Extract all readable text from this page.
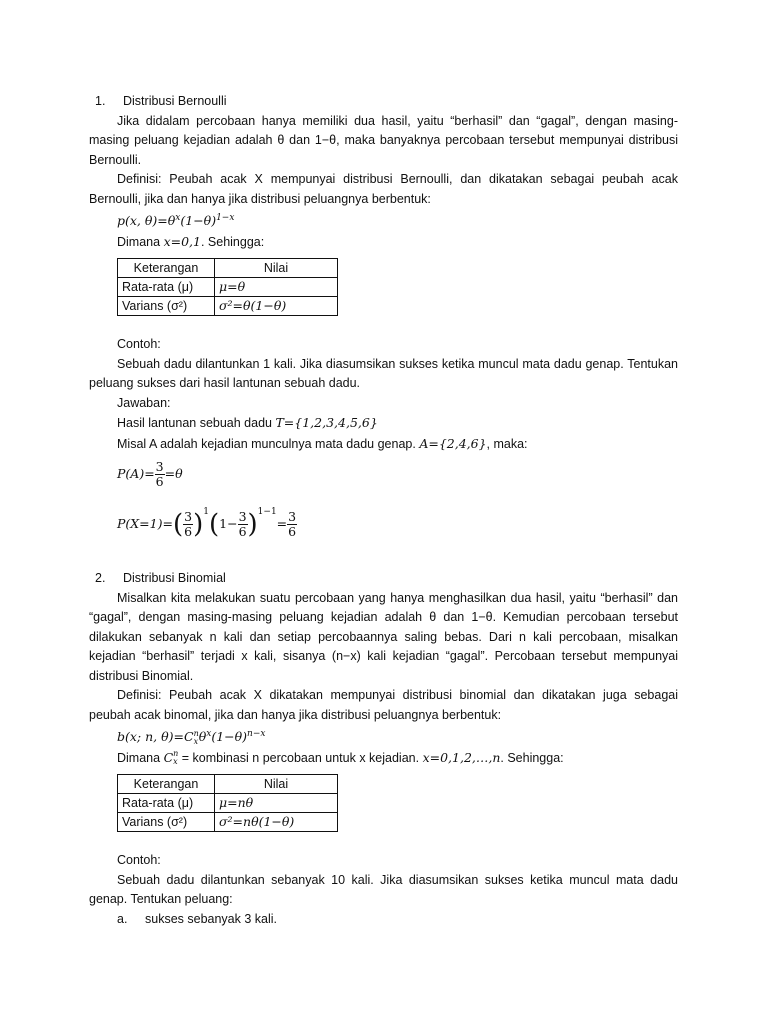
1. Distribusi Bernoulli
Jika didalam percobaan hanya memiliki dua hasil, yaitu “berhasil” dan “gagal”, dengan masing-masing peluang kejadian adalah θ dan 1−θ, maka banyaknya percobaan tersebut mempunyai distribusi Bernoulli.
Definisi: Peubah acak X mempunyai distribusi Bernoulli, dan dikatakan sebagai peubah acak Bernoulli, jika dan hanya jika distribusi peluangnya berbentuk:
p(x, $\theta)=\theta^x(1-\theta)^{1-x}$
Dimana x=0,1. Sehingga:
Keterangan	Nilai
Rata-rata (μ)	μ=θ
Varians (σ²)	σ²=θ(1−θ)
Contoh:
Sebuah dadu dilantunkan 1 kali. Jika diasumsikan sukses ketika muncul mata dadu genap. Tentukan peluang sukses dari hasil lantunan sebuah dadu.
Jawaban:
Hasil lantunan sebuah dadu T={1,2,3,4,5,6}
Misal A adalah kejadian munculnya mata dadu genap. A={2,4,6}, maka:
$P(A)= \frac{3}{6} =\theta$
$P(X=1)=( \frac{3}{6} )^1(1- \frac{3}{6} )^{1-1}= \frac{3}{6}$
2. Distribusi Binomial
Misalkan kita melakukan suatu percobaan yang hanya menghasilkan dua hasil, yaitu “berhasil” dan “gagal”, dengan masing-masing peluang kejadian adalah θ dan 1−θ. Kemudian percobaan tersebut dilakukan sebanyak n kali dan setiap percobaannya saling bebas. Dari n kali percobaan, misalkan kejadian “berhasil” terjadi x kali, sisanya (n−x) kali kejadian “gagal”. Percobaan tersebut mempunyai distribusi Binomial.
Definisi: Peubah acak X dikatakan mempunyai distribusi binomial dan dikatakan juga sebagai peubah acak binomal, jika dan hanya jika distribusi peluangnya berbentuk:
b(x; n, θ)=C n
x $\theta^x(1-\theta)^{n-x}$
Dimana C n
x = kombinasi n percobaan untuk x kejadian. x=0,1,2,…,n. Sehingga:
Keterangan	Nilai
Rata-rata (μ)	μ=nθ
Varians (σ²)	σ²=nθ(1−θ)
Contoh:
Sebuah dadu dilantunkan sebanyak 10 kali. Jika diasumsikan sukses ketika muncul mata dadu genap. Tentukan peluang:
a. sukses sebanyak 3 kali.
